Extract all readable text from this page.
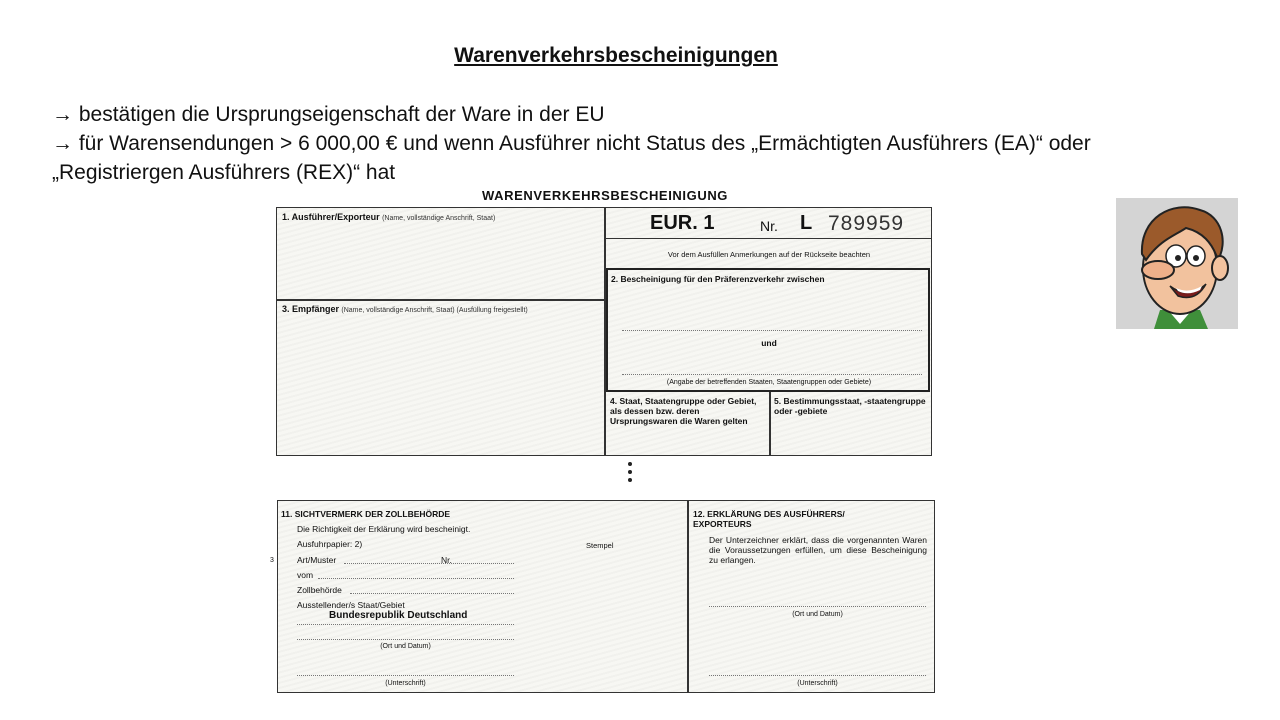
Warenverkehrsbescheinigungen

→ bestätigen die Ursprungseigenschaft der Ware in der EU

→ für Warensendungen > 6 000,00 € und wenn Ausführer nicht Status des „Ermächtigten Ausführers (EA)“ oder „Registriergen Ausführers (REX)“ hat

WARENVERKEHRSBESCHEINIGUNG
EUR. 1	Nr. L 789959
Vor dem Ausfüllen Anmerkungen auf der Rückseite beachten
1. Ausführer/Exporteur (Name, vollständige Anschrift, Staat)
2. Bescheinigung für den Präferenzverkehr zwischen
und
(Angabe der betreffenden Staaten, Staatengruppen oder Gebiete)
3. Empfänger (Name, vollständige Anschrift, Staat) (Ausfüllung freigestellt)
4. Staat, Staatengruppe oder Gebiet, als dessen bzw. deren Ursprungswaren die Waren gelten
5. Bestimmungsstaat, -staatengruppe oder -gebiete
3
11. SICHTVERMERK DER ZOLLBEHÖRDE
Die Richtigkeit der Erklärung wird bescheinigt.
Ausfuhrpapier: 2)	Stempel
Art/Muster	Nr.
vom
Zollbehörde
Ausstellender/s Staat/Gebiet
Bundesrepublik Deutschland
(Ort und Datum)
(Unterschrift)
12. ERKLÄRUNG DES AUSFÜHRERS/ EXPORTEURS
Der Unterzeichner erklärt, dass die vorgenannten Waren die Voraussetzungen erfüllen, um diese Bescheinigung zu erlangen.
(Ort und Datum)
(Unterschrift)
